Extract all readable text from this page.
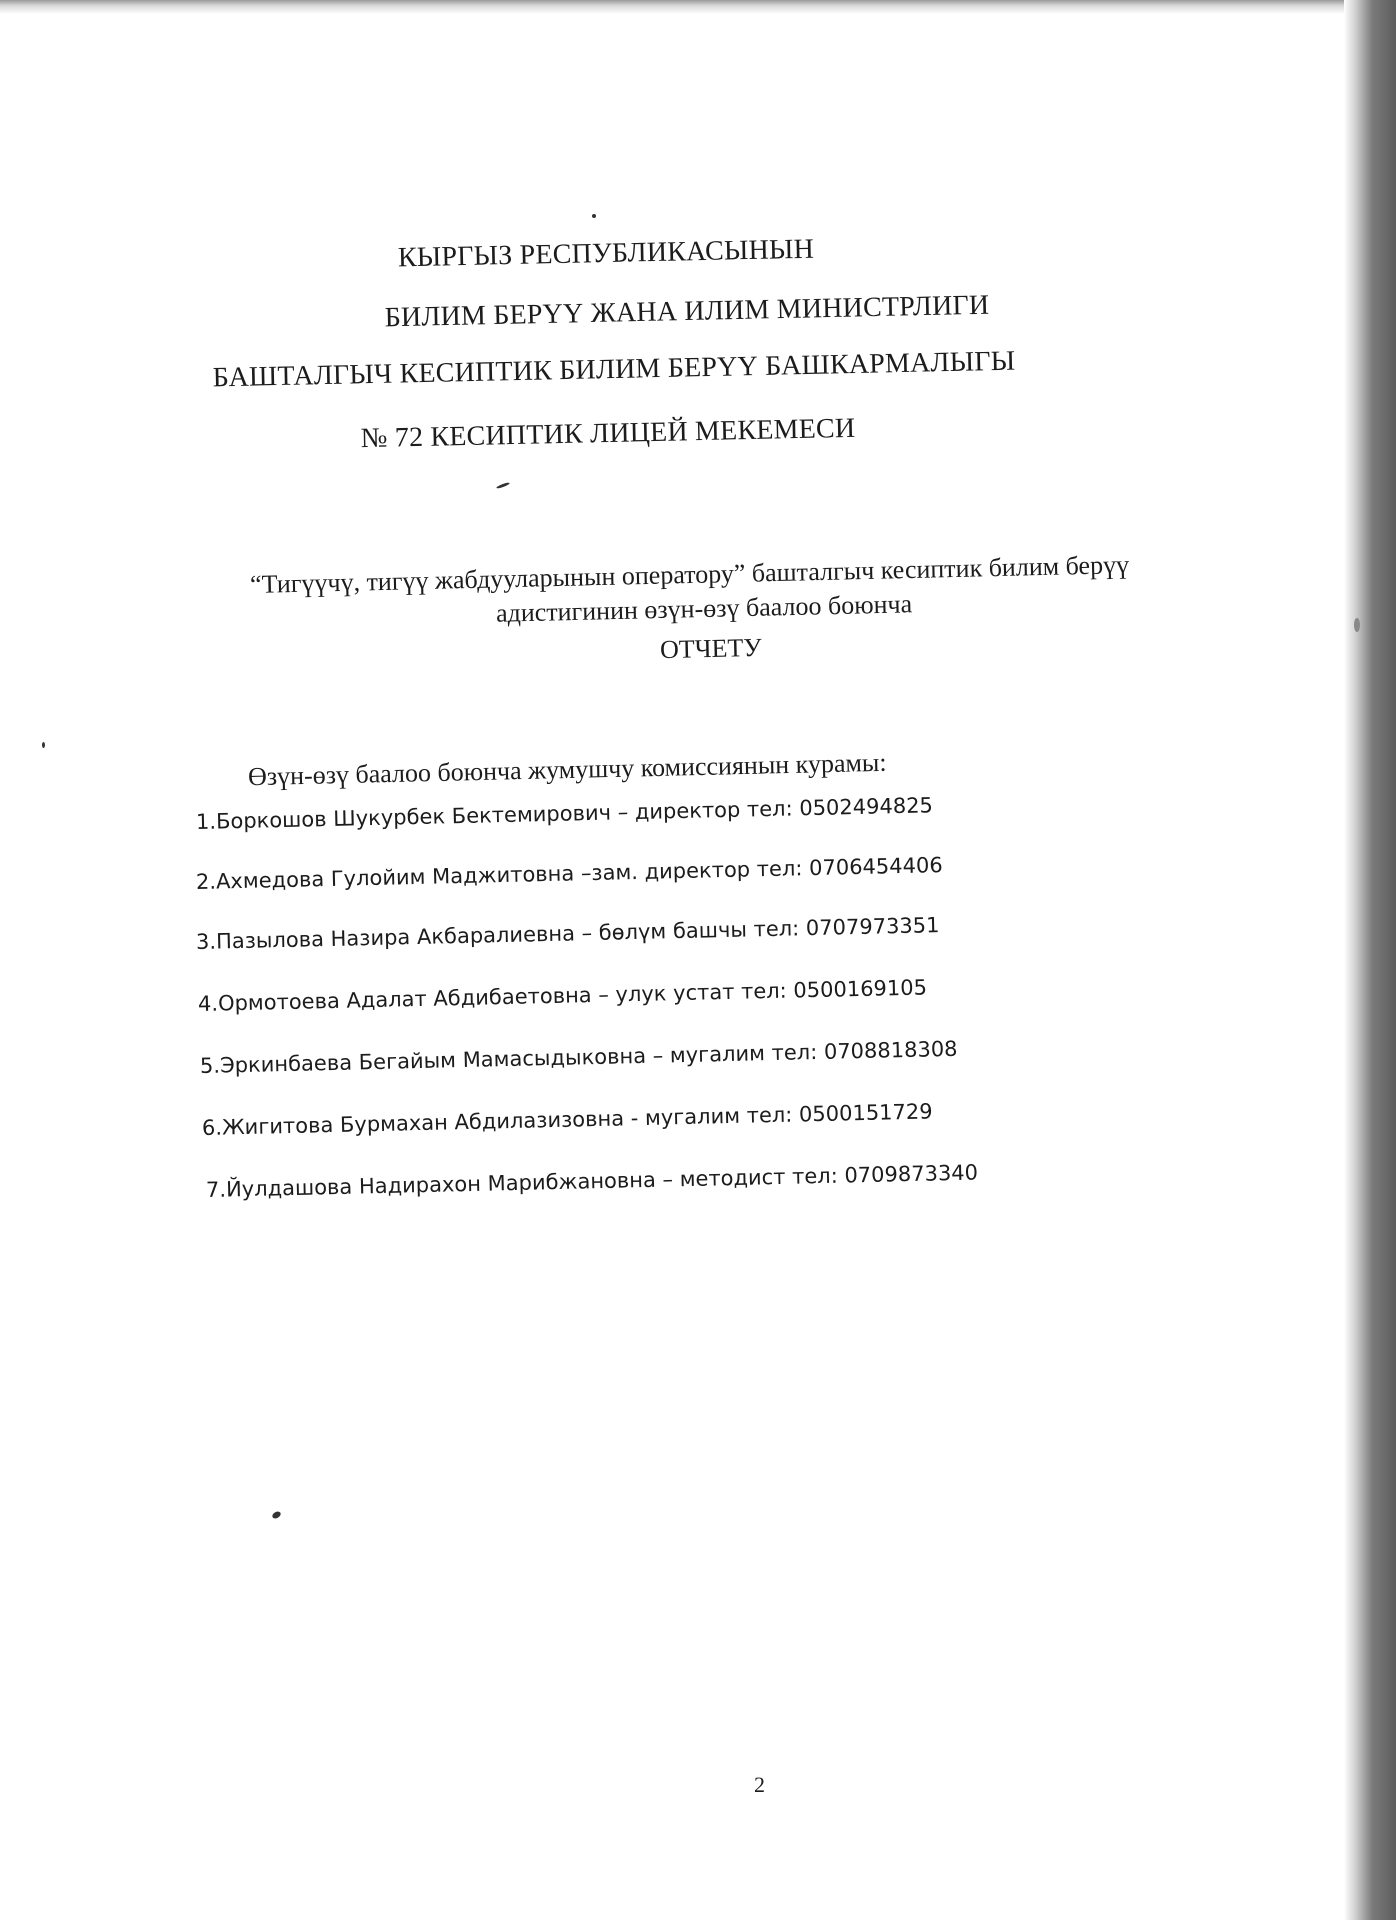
КЫРГЫЗ РЕСПУБЛИКАСЫНЫН
БИЛИМ БЕРҮҮ ЖАНА ИЛИМ МИНИСТРЛИГИ
БАШТАЛГЫЧ КЕСИПТИК БИЛИМ БЕРҮҮ БАШКАРМАЛЫГЫ
№ 72 КЕСИПТИК ЛИЦЕЙ МЕКЕМЕСИ
“Тигүүчү, тигүү жабдууларынын оператору” башталгыч кесиптик билим берүү
адистигинин өзүн-өзү баалоо боюнча
ОТЧЕТУ
Өзүн-өзү баалоо боюнча жумушчу комиссиянын курамы:
1.Боркошов Шукурбек Бектемирович – директор тел: 0502494825
2.Ахмедова Гулойим Маджитовна –зам. директор тел: 0706454406
3.Пазылова Назира Акбаралиевна – бөлүм башчы тел: 0707973351
4.Ормотоева Адалат Абдибаетовна – улук устат тел: 0500169105
5.Эркинбаева Бегайым Мамасыдыковна – мугалим тел: 0708818308
6.Жигитова Бурмахан Абдилазизовна - мугалим тел: 0500151729
7.Йулдашова Надирахон Марибжановна – методист тел: 0709873340
2
